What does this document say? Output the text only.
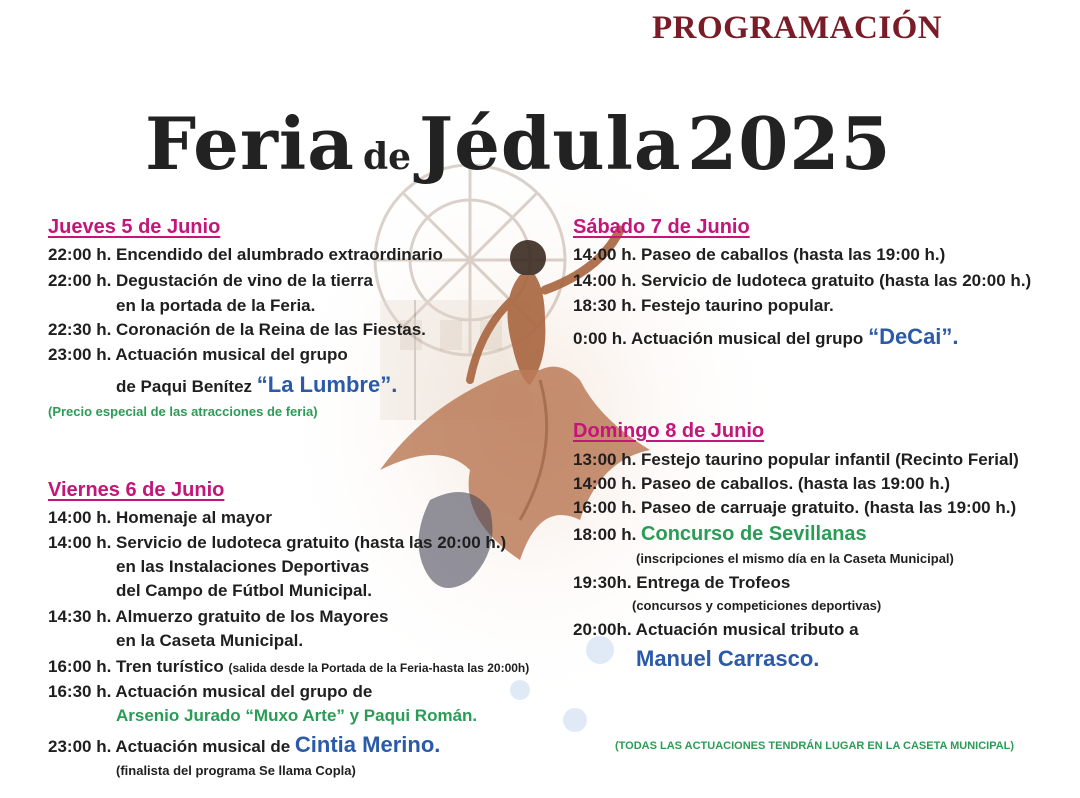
PROGRAMACIÓN
Feria de Jédula 2025
Jueves 5 de Junio
22:00 h. Encendido del alumbrado extraordinario
22:00 h. Degustación de vino de la tierra
en la portada de la Feria.
22:30 h. Coronación de la Reina de las Fiestas.
23:00 h. Actuación musical del grupo
de Paqui Benítez “La Lumbre”.
(Precio especial de las atracciones de feria)
Viernes 6 de Junio
14:00 h. Homenaje al mayor
14:00 h. Servicio de ludoteca gratuito (hasta las 20:00 h.)
en las Instalaciones Deportivas
del Campo de Fútbol Municipal.
14:30 h. Almuerzo gratuito de los Mayores
en la Caseta Municipal.
16:00 h. Tren turístico (salida desde la Portada de la Feria-hasta las 20:00h)
16:30 h. Actuación musical del grupo de
Arsenio Jurado “Muxo Arte” y Paqui Román.
23:00 h. Actuación musical de Cintia Merino.
(finalista del programa Se llama Copla)
Sábado 7 de Junio
14:00 h. Paseo de caballos (hasta las 19:00 h.)
14:00 h. Servicio de ludoteca gratuito (hasta las 20:00 h.)
18:30 h. Festejo taurino popular.
0:00 h. Actuación musical del grupo “DeCai”.
Domingo 8 de Junio
13:00 h. Festejo taurino popular infantil (Recinto Ferial)
14:00 h. Paseo de caballos. (hasta las 19:00 h.)
16:00 h. Paseo de carruaje gratuito. (hasta las 19:00 h.)
18:00 h. Concurso de Sevillanas
(inscripciones el mismo día en la Caseta Municipal)
19:30h. Entrega de Trofeos
(concursos y competiciones deportivas)
20:00h. Actuación musical tributo a
Manuel Carrasco.
(TODAS LAS ACTUACIONES TENDRÁN LUGAR EN LA CASETA MUNICIPAL)
